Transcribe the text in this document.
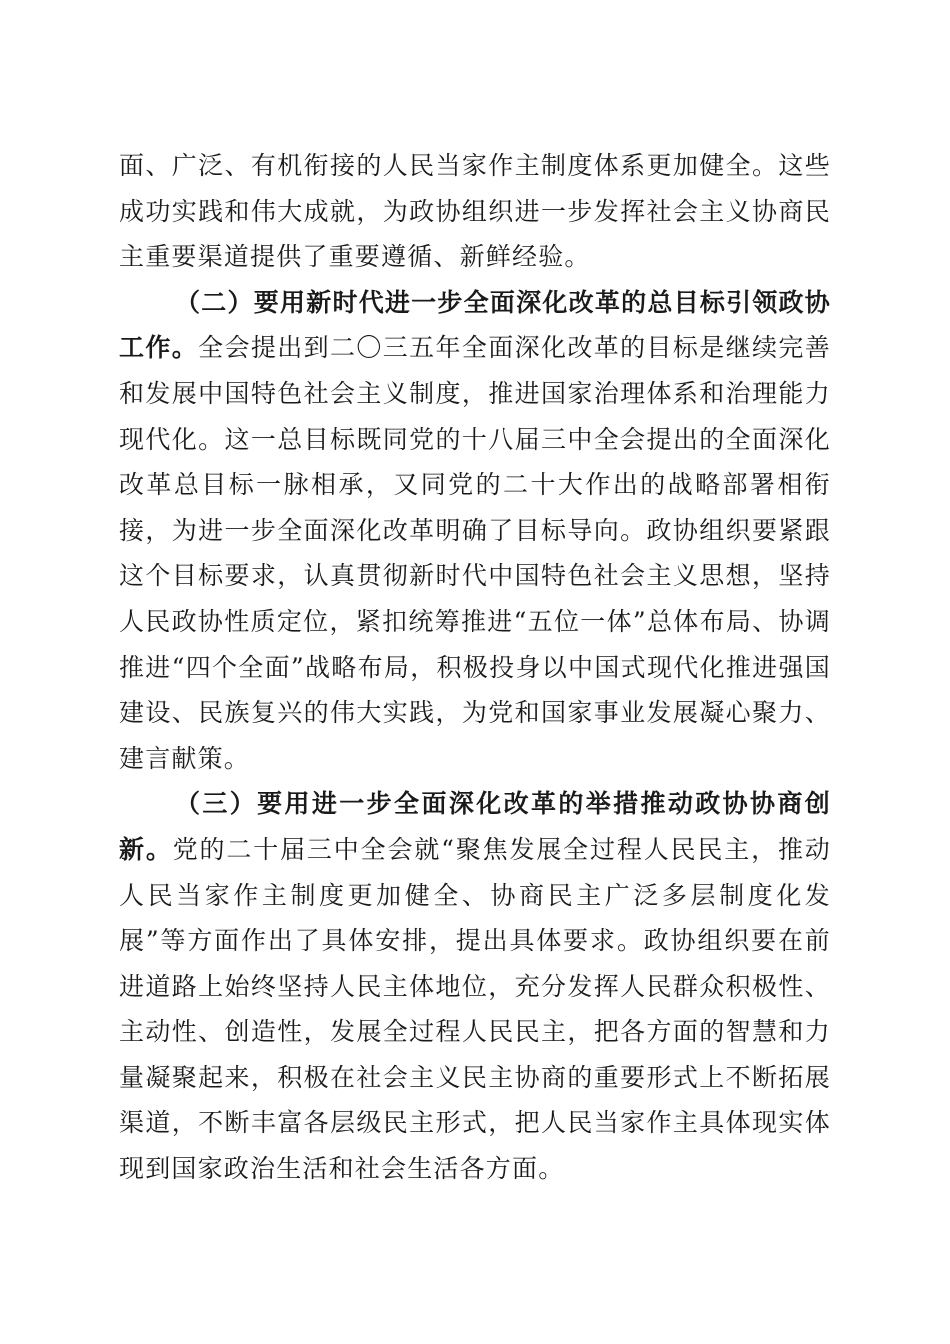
面、广泛、有机衔接的人民当家作主制度体系更加健全。这些成功实践和伟大成就，为政协组织进一步发挥社会主义协商民主重要渠道提供了重要遵循、新鲜经验。

（二）要用新时代进一步全面深化改革的总目标引领政协工作。全会提出到二〇三五年全面深化改革的目标是继续完善和发展中国特色社会主义制度，推进国家治理体系和治理能力现代化。这一总目标既同党的十八届三中全会提出的全面深化改革总目标一脉相承，又同党的二十大作出的战略部署相衔接，为进一步全面深化改革明确了目标导向。政协组织要紧跟这个目标要求，认真贯彻新时代中国特色社会主义思想，坚持人民政协性质定位，紧扣统筹推进“五位一体”总体布局、协调推进“四个全面”战略布局，积极投身以中国式现代化推进强国建设、民族复兴的伟大实践，为党和国家事业发展凝心聚力、建言献策。

（三）要用进一步全面深化改革的举措推动政协协商创新。党的二十届三中全会就“聚焦发展全过程人民民主，推动人民当家作主制度更加健全、协商民主广泛多层制度化发展”等方面作出了具体安排，提出具体要求。政协组织要在前进道路上始终坚持人民主体地位，充分发挥人民群众积极性、主动性、创造性，发展全过程人民民主，把各方面的智慧和力量凝聚起来，积极在社会主义民主协商的重要形式上不断拓展渠道，不断丰富各层级民主形式，把人民当家作主具体现实体现到国家政治生活和社会生活各方面。
